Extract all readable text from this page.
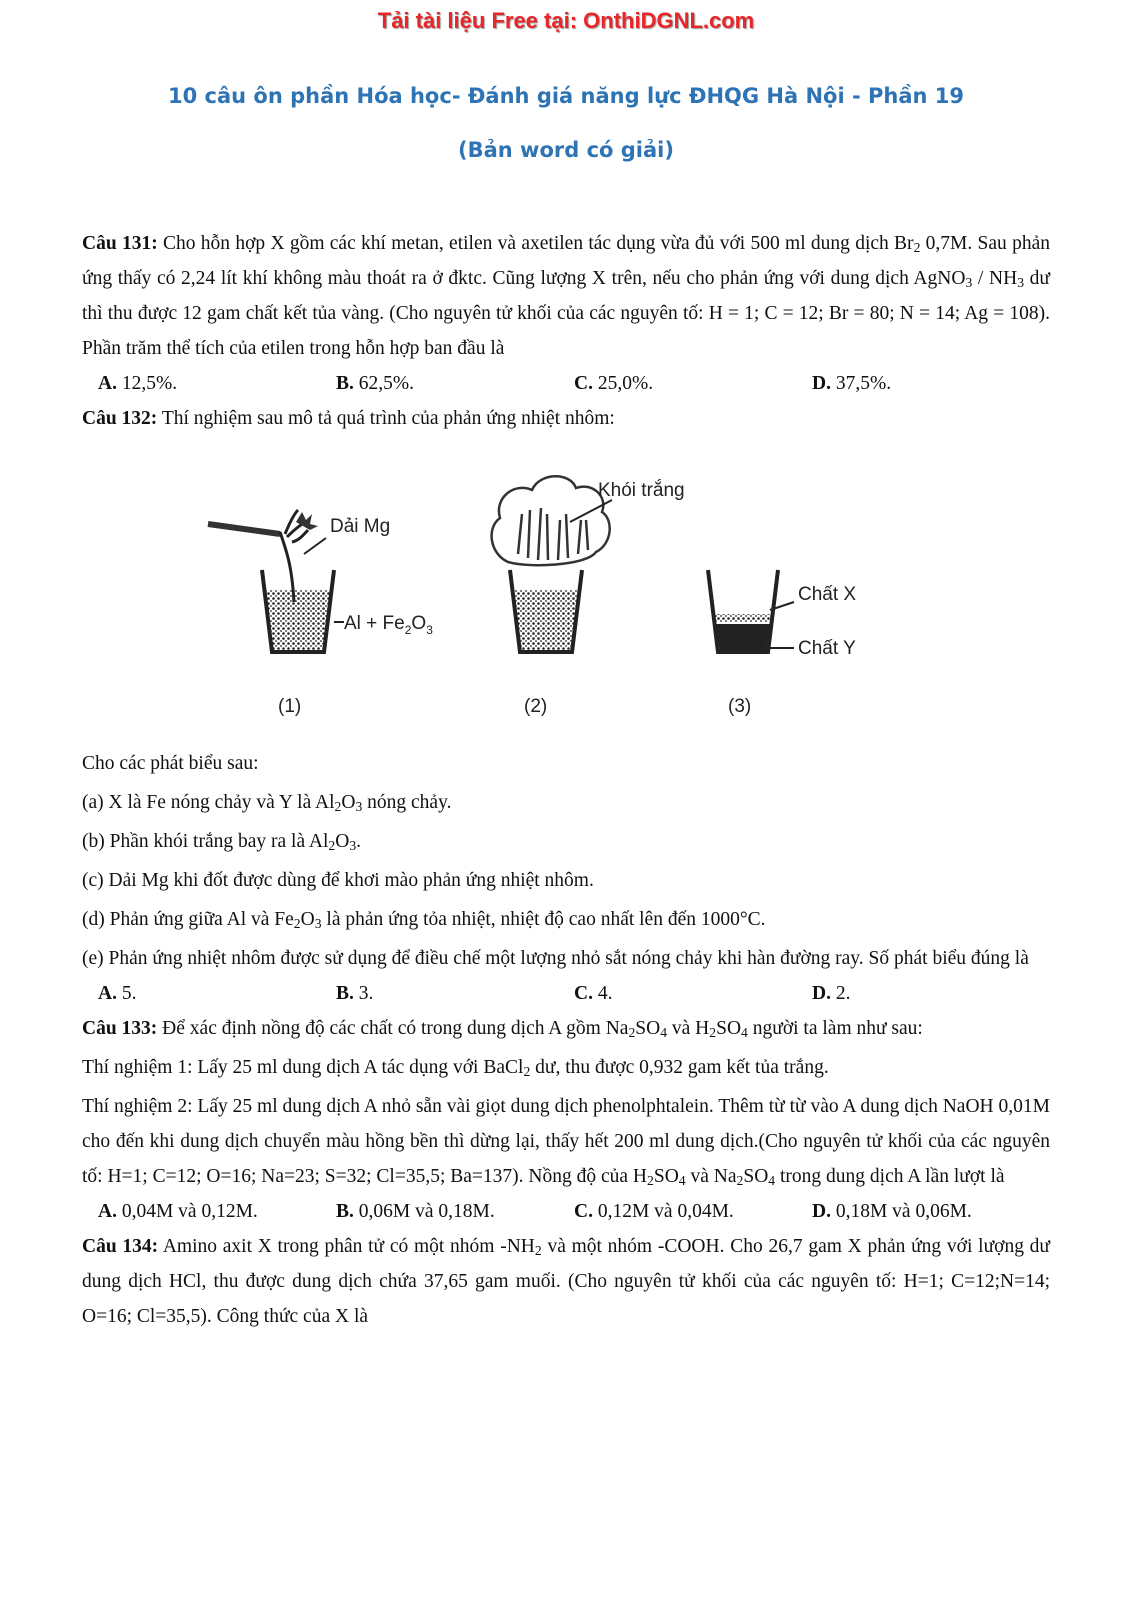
Tải tài liệu Free tại: OnthiDGNL.com
10 câu ôn phần Hóa học- Đánh giá năng lực ĐHQG Hà Nội - Phần 19
(Bản word có giải)

Câu 131: Cho hỗn hợp X gồm các khí metan, etilen và axetilen tác dụng vừa đủ với 500 ml dung dịch $Br_2$ 0,7M. Sau phản ứng thấy có 2,24 lít khí không màu thoát ra ở đktc. Cũng lượng X trên, nếu cho phản ứng với dung dịch AgNO$_3$ / $NH_3$ dư thì thu được 12 gam chất kết tủa vàng. (Cho nguyên tử khối của các nguyên tố: H = 1; C = 12; Br = 80; N = 14; Ag = 108). Phần trăm thể tích của etilen trong hỗn hợp ban đầu là

A. 12,5%.	B. 62,5%.	C. 25,0%.	D. 37,5%.

Câu 132: Thí nghiệm sau mô tả quá trình của phản ứng nhiệt nhôm:

Dải Mg
$Al + Fe_2O_3$
(1)
Khói trắng
(2)
Chất X
Chất Y
(3)

Cho các phát biểu sau:

(a) X là Fe nóng chảy và Y là $Al_2O_3$ nóng chảy.

(b) Phần khói trắng bay ra là $Al_2O_3$.

(c) Dải Mg khi đốt được dùng để khơi mào phản ứng nhiệt nhôm.

(d) Phản ứng giữa Al và $Fe_2O_3$ là phản ứng tỏa nhiệt, nhiệt độ cao nhất lên đến 1000°C.

(e) Phản ứng nhiệt nhôm được sử dụng để điều chế một lượng nhỏ sắt nóng chảy khi hàn đường ray. Số phát biểu đúng là

A. 5.	B. 3.	C. 4.	D. 2.

Câu 133: Để xác định nồng độ các chất có trong dung dịch A gồm $Na_2SO_4$ và $H_2SO_4$ người ta làm như sau:

Thí nghiệm 1: Lấy 25 ml dung dịch A tác dụng với BaCl$_2$ dư, thu được 0,932 gam kết tủa trắng.

Thí nghiệm 2: Lấy 25 ml dung dịch A nhỏ sẵn vài giọt dung dịch phenolphtalein. Thêm từ từ vào A dung dịch NaOH 0,01M cho đến khi dung dịch chuyển màu hồng bền thì dừng lại, thấy hết 200 ml dung dịch.(Cho nguyên tử khối của các nguyên tố: H=1; C=12; O=16; Na=23; S=32; Cl=35,5; Ba=137). Nồng độ của $H_2SO_4$ và $Na_2SO_4$ trong dung dịch A lần lượt là

A. 0,04M và 0,12M.	B. 0,06M và 0,18M.	C. 0,12M và 0,04M.	D. 0,18M và 0,06M.

Câu 134: Amino axit X trong phân tử có một nhóm $-NH_2$ và một nhóm -COOH. Cho 26,7 gam X phản ứng với lượng dư dung dịch HCl, thu được dung dịch chứa 37,65 gam muối. (Cho nguyên tử khối của các nguyên tố: H=1; C=12;N=14; O=16; Cl=35,5). Công thức của X là
